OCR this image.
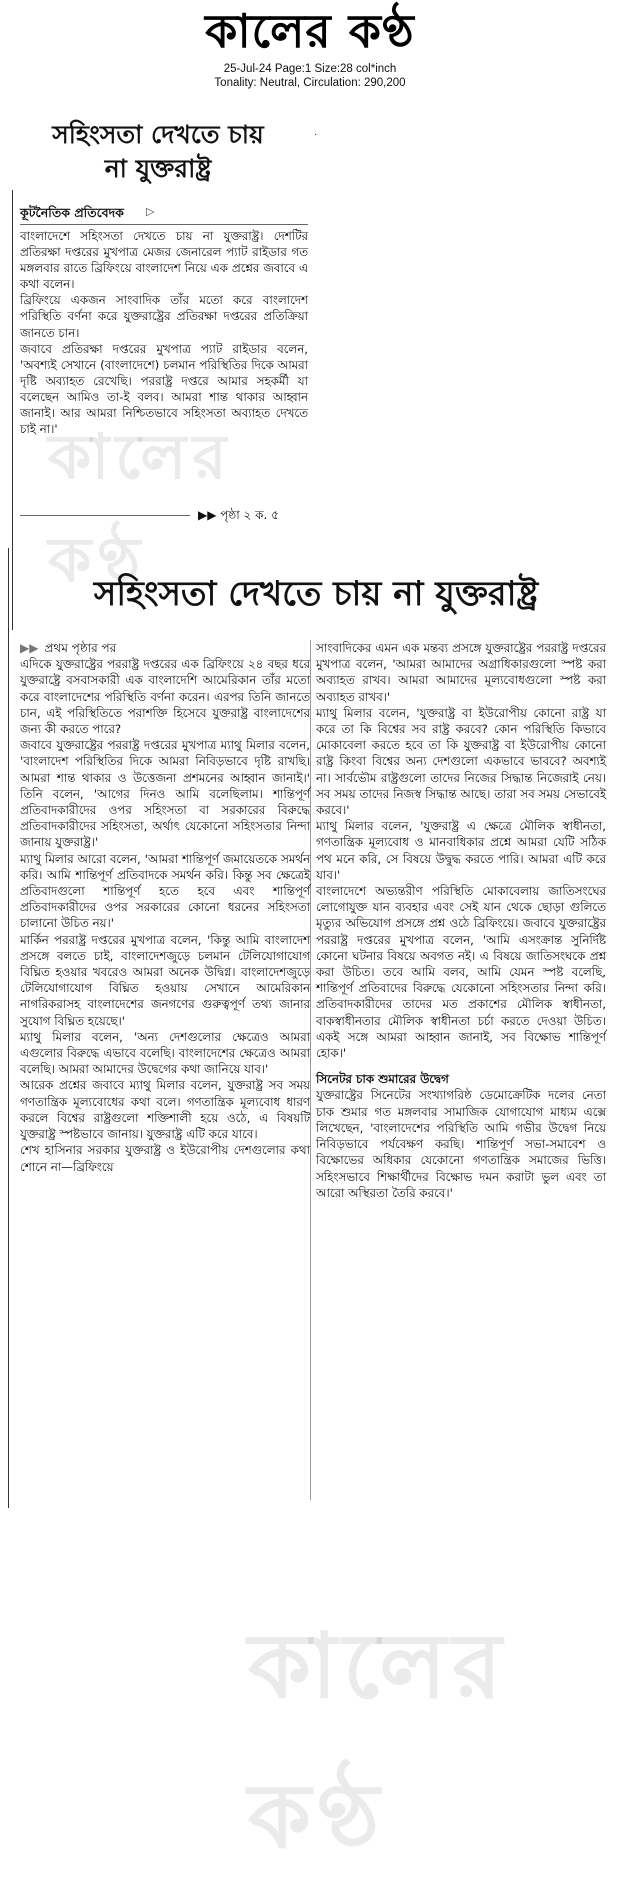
কালের কণ্ঠ
25-Jul-24 Page:1 Size:28 col*inch
Tonality: Neutral, Circulation: 290,200
সহিংসতা দেখতে চায় না যুক্তরাষ্ট্র
কূটনৈতিক প্রতিবেদক ▷

বাংলাদেশে সহিংসতা দেখতে চায় না যুক্তরাষ্ট্র। দেশটির প্রতিরক্ষা দপ্তরের মুখপাত্র মেজর জেনারেল প্যাট রাইডার গত মঙ্গলবার রাতে ব্রিফিংয়ে বাংলাদেশ নিয়ে এক প্রশ্নের জবাবে এ কথা বলেন।

ব্রিফিংয়ে একজন সাংবাদিক তাঁর মতো করে বাংলাদেশ পরিস্থিতি বর্ণনা করে যুক্তরাষ্ট্রের প্রতিরক্ষা দপ্তরের প্রতিক্রিয়া জানতে চান।

জবাবে প্রতিরক্ষা দপ্তরের মুখপাত্র প্যাট রাইডার বলেন, 'অবশ্যই সেখানে (বাংলাদেশে) চলমান পরিস্থিতির দিকে আমরা দৃষ্টি অব্যাহত রেখেছি। পররাষ্ট্র দপ্তরে আমার সহকর্মী যা বলেছেন আমিও তা-ই বলব। আমরা শান্ত থাকার আহ্বান জানাই। আর আমরা নিশ্চিতভাবে সহিংসতা অব্যাহত দেখতে চাই না।'

▶▶ পৃষ্ঠা ২ ক. ৫
কালের কণ্ঠ
·
সহিংসতা দেখতে চায় না যুক্তরাষ্ট্র

▶▶ প্রথম পৃষ্ঠার পর

এদিকে যুক্তরাষ্ট্রের পররাষ্ট্র দপ্তরের এক ব্রিফিংয়ে ২৪ বছর ধরে যুক্তরাষ্ট্রে বসবাসকারী এক বাংলাদেশি আমেরিকান তাঁর মতো করে বাংলাদেশের পরিস্থিতি বর্ণনা করেন। এরপর তিনি জানতে চান, এই পরিস্থিতিতে পরাশক্তি হিসেবে যুক্তরাষ্ট্র বাংলাদেশের জন্য কী করতে পারে?

জবাবে যুক্তরাষ্ট্রের পররাষ্ট্র দপ্তরের মুখপাত্র ম্যাথু মিলার বলেন, 'বাংলাদেশ পরিস্থিতির দিকে আমরা নিবিড়ভাবে দৃষ্টি রাখছি। আমরা শান্ত থাকার ও উত্তেজনা প্রশমনের আহ্বান জানাই।' তিনি বলেন, 'আগের দিনও আমি বলেছিলাম। শান্তিপূর্ণ প্রতিবাদকারীদের ওপর সহিংসতা বা সরকারের বিরুদ্ধে প্রতিবাদকারীদের সহিংসতা, অর্থাৎ যেকোনো সহিংসতার নিন্দা জানায় যুক্তরাষ্ট্র।'

ম্যাথু মিলার আরো বলেন, 'আমরা শান্তিপূর্ণ জমায়েতকে সমর্থন করি। আমি শান্তিপূর্ণ প্রতিবাদকে সমর্থন করি। কিন্তু সব ক্ষেত্রেই প্রতিবাদগুলো শান্তিপূর্ণ হতে হবে এবং শান্তিপূর্ণ প্রতিবাদকারীদের ওপর সরকারের কোনো ধরনের সহিংসতা চালানো উচিত নয়।'

মার্কিন পররাষ্ট্র দপ্তরের মুখপাত্র বলেন, 'কিন্তু আমি বাংলাদেশ প্রসঙ্গে বলতে চাই, বাংলাদেশজুড়ে চলমান টেলিযোগাযোগ বিঘ্নিত হওয়ার খবরেও আমরা অনেক উদ্বিগ্ন। বাংলাদেশজুড়ে টেলিযোগাযোগ বিঘ্নিত হওয়ায় সেখানে আমেরিকান নাগরিকরাসহ বাংলাদেশের জনগণের গুরুত্বপূর্ণ তথ্য জানার সুযোগ বিঘ্নিত হয়েছে।'

ম্যাথু মিলার বলেন, 'অন্য দেশগুলোর ক্ষেত্রেও আমরা এগুলোর বিরুদ্ধে এভাবে বলেছি। বাংলাদেশের ক্ষেত্রেও আমরা বলেছি। আমরা আমাদের উদ্বেগের কথা জানিয়ে যাব।'

আরেক প্রশ্নের জবাবে ম্যাথু মিলার বলেন, যুক্তরাষ্ট্র সব সময় গণতান্ত্রিক মূল্যবোধের কথা বলে। গণতান্ত্রিক মূল্যবোধ ধারণ করলে বিশ্বের রাষ্ট্রগুলো শক্তিশালী হয়ে ওঠে, এ বিষয়টি যুক্তরাষ্ট্র স্পষ্টভাবে জানায়। যুক্তরাষ্ট্র এটি করে যাবে।

শেখ হাসিনার সরকার যুক্তরাষ্ট্র ও ইউরোপীয় দেশগুলোর কথা শোনে না—ব্রিফিংয়ে

সাংবাদিকের এমন এক মন্তব্য প্রসঙ্গে যুক্তরাষ্ট্রের পররাষ্ট্র দপ্তরের মুখপাত্র বলেন, 'আমরা আমাদের অগ্রাধিকারগুলো স্পষ্ট করা অব্যাহত রাখব। আমরা আমাদের মূল্যবোধগুলো স্পষ্ট করা অব্যাহত রাখব।'

ম্যাথু মিলার বলেন, 'যুক্তরাষ্ট্র বা ইউরোপীয় কোনো রাষ্ট্র যা করে তা কি বিশ্বের সব রাষ্ট্র করবে? কোন পরিস্থিতি কিভাবে মোকাবেলা করতে হবে তা কি যুক্তরাষ্ট্র বা ইউরোপীয় কোনো রাষ্ট্র কিংবা বিশ্বের অন্য দেশগুলো একভাবে ভাববে? অবশ্যই না। সার্বভৌম রাষ্ট্রগুলো তাদের নিজের সিদ্ধান্ত নিজেরাই নেয়। সব সময় তাদের নিজস্ব সিদ্ধান্ত আছে। তারা সব সময় সেভাবেই করবে।'

ম্যাথু মিলার বলেন, 'যুক্তরাষ্ট্র এ ক্ষেত্রে মৌলিক স্বাধীনতা, গণতান্ত্রিক মূল্যবোধ ও মানবাধিকার প্রশ্নে আমরা যেটি সঠিক পথ মনে করি, সে বিষয়ে উদ্বুদ্ধ করতে পারি। আমরা এটি করে যাব।'

বাংলাদেশে অভ্যন্তরীণ পরিস্থিতি মোকাবেলায় জাতিসংঘের লোগোযুক্ত যান ব্যবহার এবং সেই যান থেকে ছোড়া গুলিতে মৃত্যুর অভিযোগ প্রসঙ্গে প্রশ্ন ওঠে ব্রিফিংয়ে। জবাবে যুক্তরাষ্ট্রের পররাষ্ট্র দপ্তরের মুখপাত্র বলেন, 'আমি এসংক্রান্ত সুনির্দিষ্ট কোনো ঘটনার বিষয়ে অবগত নই। এ বিষয়ে জাতিসংঘকে প্রশ্ন করা উচিত। তবে আমি বলব, আমি যেমন স্পষ্ট বলেছি, শান্তিপূর্ণ প্রতিবাদের বিরুদ্ধে যেকোনো সহিংসতার নিন্দা করি। প্রতিবাদকারীদের তাদের মত প্রকাশের মৌলিক স্বাধীনতা, বাকস্বাধীনতার মৌলিক স্বাধীনতা চর্চা করতে দেওয়া উচিত। একই সঙ্গে আমরা আহ্বান জানাই, সব বিক্ষোভ শান্তিপূর্ণ হোক।'

সিনেটর চাক শুমারের উদ্বেগ

যুক্তরাষ্ট্রের সিনেটের সংখ্যাগরিষ্ঠ ডেমোক্রেটিক দলের নেতা চাক শুমার গত মঙ্গলবার সামাজিক যোগাযোগ মাধ্যম এক্সে লিখেছেন, 'বাংলাদেশের পরিস্থিতি আমি গভীর উদ্বেগ নিয়ে নিবিড়ভাবে পর্যবেক্ষণ করছি। শান্তিপূর্ণ সভা-সমাবেশ ও বিক্ষোভের অধিকার যেকোনো গণতান্ত্রিক সমাজের ভিত্তি। সহিংসভাবে শিক্ষার্থীদের বিক্ষোভ দমন করাটা ভুল এবং তা আরো অস্থিরতা তৈরি করবে।'

কালের কণ্ঠ
